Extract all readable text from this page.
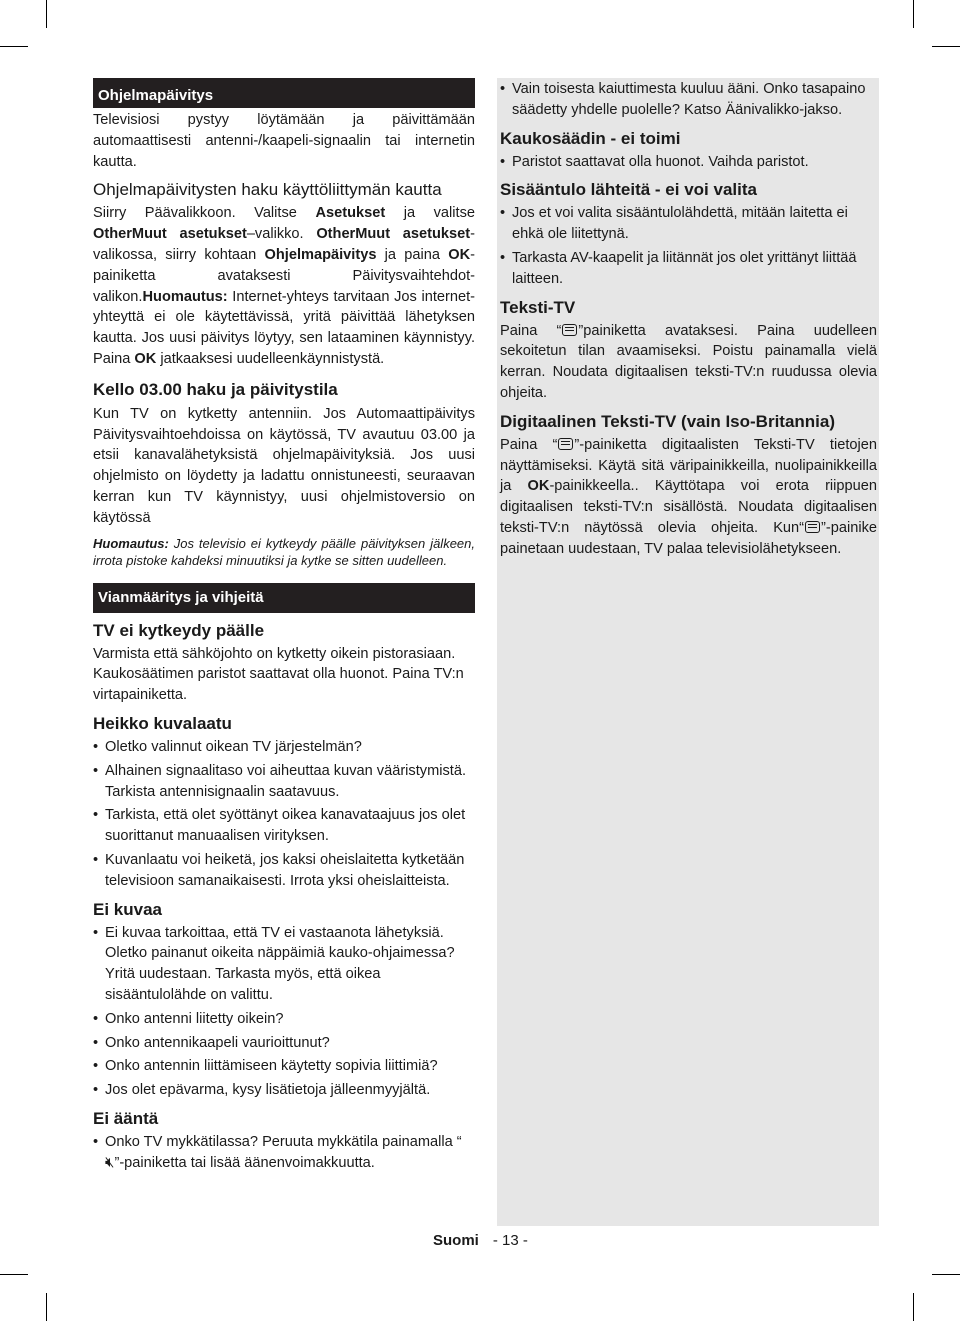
Ohjelmapäivitys

Televisiosi pystyy löytämään ja päivittämään automaattisesti antenni-/kaapeli-signaalin tai internetin kautta.

Ohjelmapäivitysten haku käyttöliittymän kautta

Siirry Päävalikkoon. Valitse Asetukset ja valitse OtherMuut asetukset–valikko. OtherMuut asetukset-valikossa, siirry kohtaan Ohjelmapäivitys ja paina OK-painiketta avataksesti Päivitysvaihtehdot-valikon.Huomautus: Internet-yhteys tarvitaan Jos internet-yhteyttä ei ole käytettävissä, yritä päivittää lähetyksen kautta. Jos uusi päivitys löytyy, sen lataaminen käynnistyy. Paina OK jatkaaksesi uudelleenkäynnistystä.

Kello 03.00 haku ja päivitystila

Kun TV on kytketty antenniin. Jos Automaattipäivitys Päivitysvaihtoehdoissa on käytössä, TV avautuu 03.00 ja etsii kanavalähetyksistä ohjelmapäivityksiä. Jos uusi ohjelmisto on löydetty ja ladattu onnistuneesti, seuraavan kerran kun TV käynnistyy, uusi ohjelmistoversio on käytössä

Huomautus: Jos televisio ei kytkeydy päälle päivityksen jälkeen, irrota pistoke kahdeksi minuutiksi ja kytke se sitten uudelleen.

Vianmääritys ja vihjeitä
TV ei kytkeydy päälle

Varmista että sähköjohto on kytketty oikein pistorasiaan. Kaukosäätimen paristot saattavat olla huonot. Paina TV:n virtapainiketta.

Heikko kuvalaatu
• Oletko valinnut oikean TV järjestelmän?
• Alhainen signaalitaso voi aiheuttaa kuvan vääristymistä. Tarkista antennisignaalin saatavuus.
• Tarkista, että olet syöttänyt oikea kanavataajuus jos olet suorittanut manuaalisen virityksen.
• Kuvanlaatu voi heiketä, jos kaksi oheislaitetta kytketään televisioon samanaikaisesti. Irrota yksi oheislaitteista.
Ei kuvaa
• Ei kuvaa tarkoittaa, että TV ei vastaanota lähetyksiä. Oletko painanut oikeita näppäimiä kauko-ohjaimessa? Yritä uudestaan. Tarkasta myös, että oikea sisääntulolähde on valittu.
• Onko antenni liitetty oikein?
• Onko antennikaapeli vaurioittunut?
• Onko antennin liittämiseen käytetty sopivia liittimiä?
• Jos olet epävarma, kysy lisätietoja jälleenmyyjältä.
Ei ääntä
• Onko TV mykkätilassa? Peruuta mykkätila painamalla “
🔇︎”-painiketta tai lisää äänenvoimakkuutta.
• Vain toisesta kaiuttimesta kuuluu ääni. Onko tasapaino säädetty yhdelle puolelle? Katso Äänivalikko-jakso.
Kaukosäädin - ei toimi
• Paristot saattavat olla huonot. Vaihda paristot.
Sisääntulo lähteitä - ei voi valita
• Jos et voi valita sisääntulolähdettä, mitään laitetta ei ehkä ole liitettynä.
• Tarkasta AV-kaapelit ja liitännät jos olet yrittänyt liittää laitteen.
Teksti-TV

Paina “ ”painiketta avataksesi. Paina uudelleen sekoitetun tilan avaamiseksi. Poistu painamalla vielä kerran. Noudata digitaalisen teksti-TV:n ruudussa olevia ohjeita.

Digitaalinen Teksti-TV (vain Iso-Britannia)

Paina “ ”-painiketta digitaalisten Teksti-TV tietojen näyttämiseksi. Käytä sitä väripainikkeilla, nuolipainikkeilla ja OK-painikkeella.. Käyttötapa voi erota riippuen digitaalisen teksti-TV:n sisällöstä. Noudata digitaalisen teksti-TV:n näytössä olevia ohjeita. Kun“ ”-painike painetaan uudestaan, TV palaa televisiolähetykseen.

Suomi - 13 -
